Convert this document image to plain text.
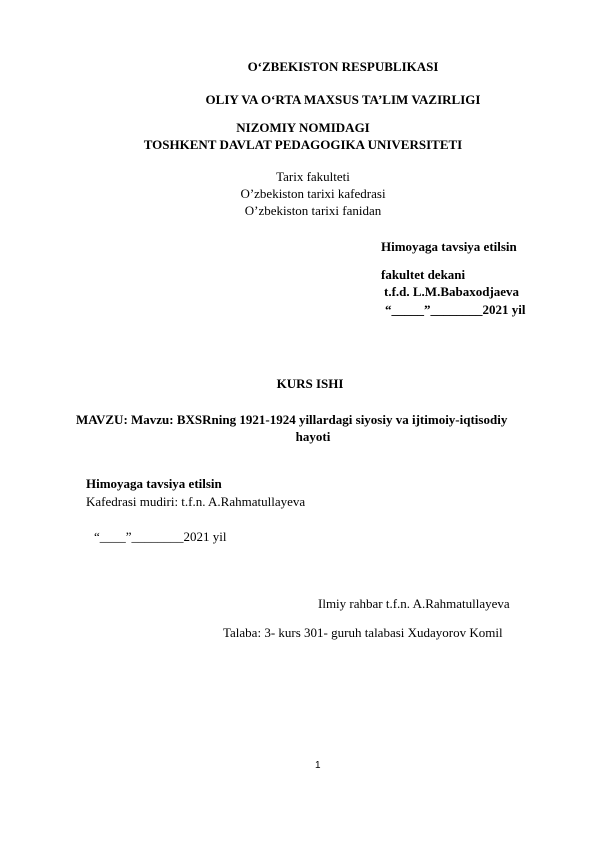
O‘ZBEKISTON RESPUBLIKASI
OLIY VA O‘RTA MAXSUS TA’LIM VAZIRLIGI
NIZOMIY NOMIDAGI
TOSHKENT DAVLAT PEDAGOGIKA UNIVERSITETI
Tarix fakulteti
O’zbekiston tarixi kafedrasi
O’zbekiston tarixi fanidan
Himoyaga tavsiya etilsin
fakultet dekani
t.f.d. L.M.Babaxodjaeva
“_____”________2021 yil
KURS ISHI
MAVZU: Mavzu: BXSRning 1921-1924 yillardagi siyosiy va ijtimoiy-iqtisodiy
hayoti
Himoyaga tavsiya etilsin
Kafedrasi mudiri: t.f.n. A.Rahmatullayeva
“____”________2021 yil
Ilmiy rahbar t.f.n. A.Rahmatullayeva
Talaba: 3- kurs 301- guruh talabasi Xudayorov Komil
1
